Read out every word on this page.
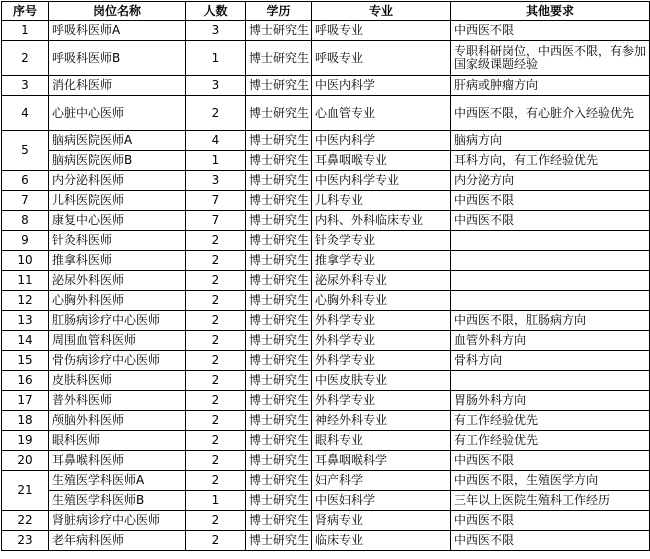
序号	岗位名称	人数	学历	专业	其他要求
1	呼吸科医师A	3	博士研究生	呼吸专业	中西医不限
2	呼吸科医师B	1	博士研究生	呼吸专业	专职科研岗位，中西医不限，有参加国家级课题经验
3	消化科医师	3	博士研究生	中医内科学	肝病或肿瘤方向
4	心脏中心医师	2	博士研究生	心血管专业	中西医不限，有心脏介入经验优先
5	脑病医院医师A	4	博士研究生	中医内科学	脑病方向
	脑病医院医师B	1	博士研究生	耳鼻咽喉专业	耳科方向，有工作经验优先
6	内分泌科医师	3	博士研究生	中医内科学专业	内分泌方向
7	儿科医院医师	7	博士研究生	儿科专业	中西医不限
8	康复中心医师	7	博士研究生	内科、外科临床专业	中西医不限
9	针灸科医师	2	博士研究生	针灸学专业	
10	推拿科医师	2	博士研究生	推拿学专业	
11	泌尿外科医师	2	博士研究生	泌尿外科专业	
12	心胸外科医师	2	博士研究生	心胸外科专业	
13	肛肠病诊疗中心医师	2	博士研究生	外科学专业	中西医不限，肛肠病方向
14	周围血管科医师	2	博士研究生	外科学专业	血管外科方向
15	骨伤病诊疗中心医师	2	博士研究生	外科学专业	骨科方向
16	皮肤科医师	2	博士研究生	中医皮肤专业	
17	普外科医师	2	博士研究生	外科学专业	胃肠外科方向
18	颅脑外科医师	2	博士研究生	神经外科专业	有工作经验优先
19	眼科医师	2	博士研究生	眼科专业	有工作经验优先
20	耳鼻喉科医师	2	博士研究生	耳鼻咽喉科学	中西医不限
21	生殖医学科医师A	2	博士研究生	妇产科学	中西医不限，生殖医学方向
	生殖医学科医师B	1	博士研究生	中医妇科学	三年以上医院生殖科工作经历
22	肾脏病诊疗中心医师	2	博士研究生	肾病专业	中西医不限
23	老年病科医师	2	博士研究生	临床专业	中西医不限
